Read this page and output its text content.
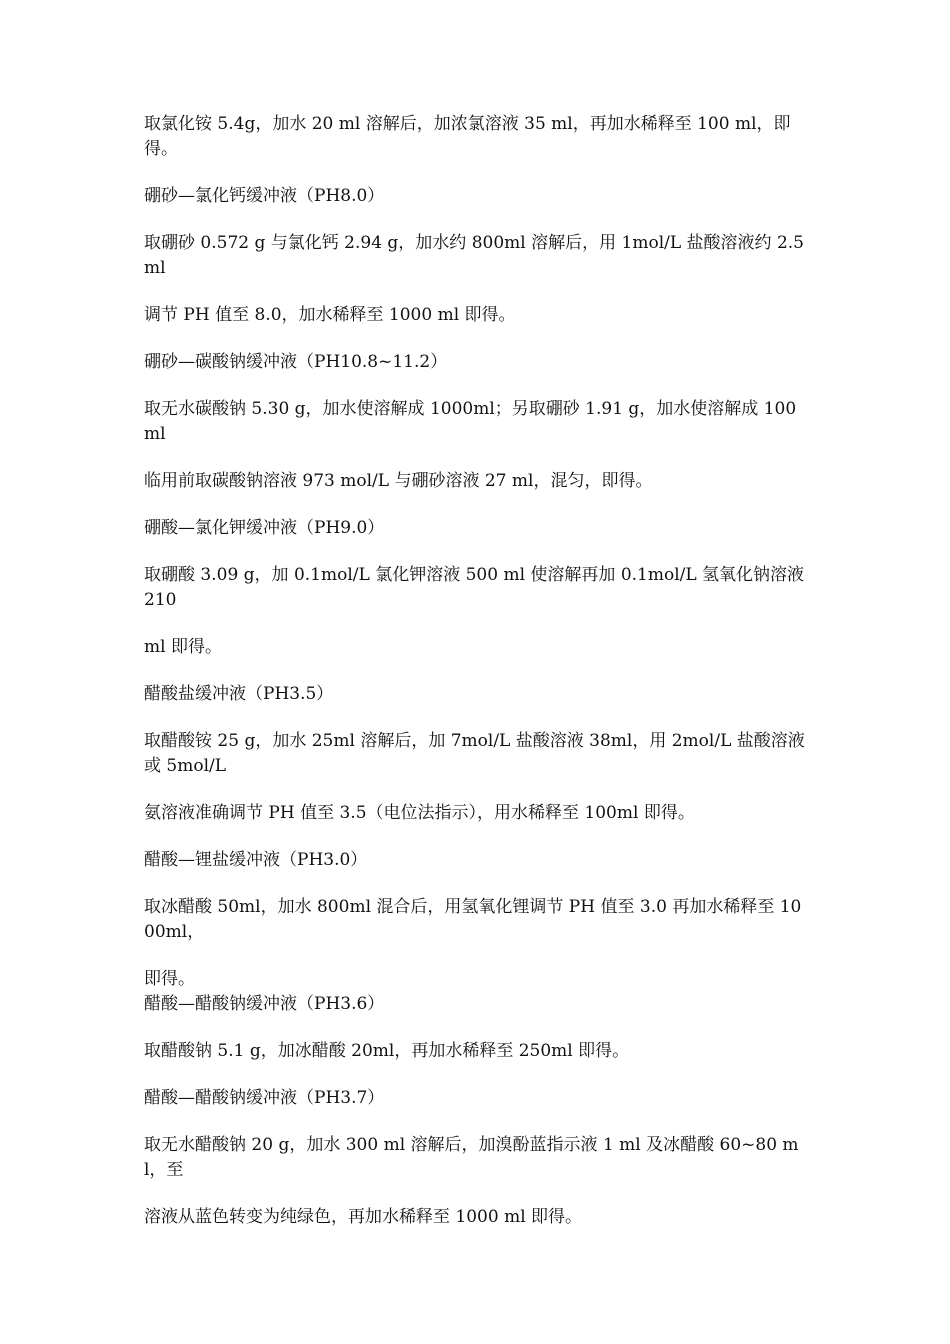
取氯化铵 5.4g，加水 20 ml 溶解后，加浓氯溶液 35 ml，再加水稀释至 100 ml，即得。

硼砂—氯化钙缓冲液（PH8.0）

取硼砂 0.572 g 与氯化钙 2.94 g，加水约 800ml 溶解后，用 1mol/L 盐酸溶液约 2.5 ml

调节 PH 值至 8.0，加水稀释至 1000 ml 即得。

硼砂—碳酸钠缓冲液（PH10.8~11.2）

取无水碳酸钠 5.30 g，加水使溶解成 1000ml；另取硼砂 1.91 g，加水使溶解成 100 ml

临用前取碳酸钠溶液 973 mol/L 与硼砂溶液 27 ml，混匀，即得。

硼酸—氯化钾缓冲液（PH9.0）

取硼酸 3.09 g，加 0.1mol/L 氯化钾溶液 500 ml 使溶解再加 0.1mol/L 氢氧化钠溶液 210

ml 即得。

醋酸盐缓冲液（PH3.5）

取醋酸铵 25 g，加水 25ml 溶解后，加 7mol/L 盐酸溶液 38ml，用 2mol/L 盐酸溶液或 5mol/L

氨溶液准确调节 PH 值至 3.5（电位法指示），用水稀释至 100ml 即得。

醋酸—锂盐缓冲液（PH3.0）

取冰醋酸 50ml，加水 800ml 混合后，用氢氧化锂调节 PH 值至 3.0 再加水稀释至 1000ml，

即得。

醋酸—醋酸钠缓冲液（PH3.6）

取醋酸钠 5.1 g，加冰醋酸 20ml，再加水稀释至 250ml 即得。

醋酸—醋酸钠缓冲液（PH3.7）

取无水醋酸钠 20 g，加水 300 ml 溶解后，加溴酚蓝指示液 1 ml 及冰醋酸 60~80 ml，至

溶液从蓝色转变为纯绿色，再加水稀释至 1000 ml 即得。
